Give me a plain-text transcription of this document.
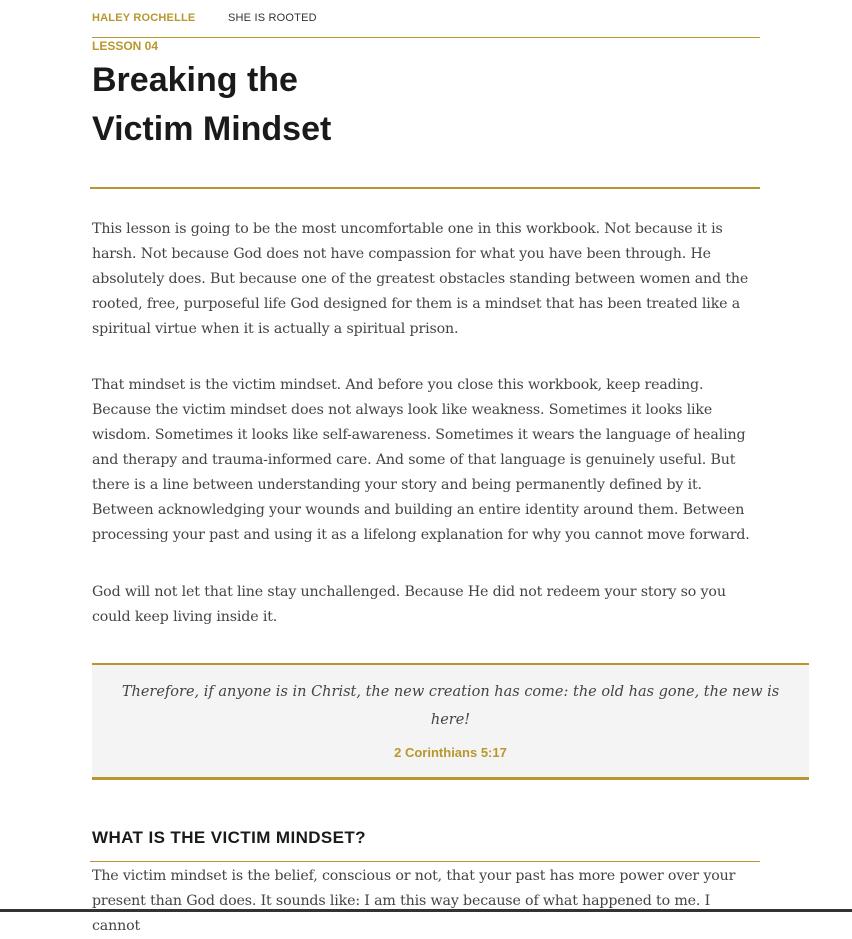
HALEY ROCHELLE	SHE IS ROOTED
LESSON 04
Breaking the
Victim Mindset

This lesson is going to be the most uncomfortable one in this workbook. Not because it is harsh. Not because God does not have compassion for what you have been through. He absolutely does. But because one of the greatest obstacles standing between women and the rooted, free, purposeful life God designed for them is a mindset that has been treated like a spiritual virtue when it is actually a spiritual prison.

That mindset is the victim mindset. And before you close this workbook, keep reading. Because the victim mindset does not always look like weakness. Sometimes it looks like wisdom. Sometimes it looks like self-awareness. Sometimes it wears the language of healing and therapy and trauma-informed care. And some of that language is genuinely useful. But there is a line between understanding your story and being permanently defined by it. Between acknowledging your wounds and building an entire identity around them. Between processing your past and using it as a lifelong explanation for why you cannot move forward.

God will not let that line stay unchallenged. Because He did not redeem your story so you could keep living inside it.

Therefore, if anyone is in Christ, the new creation has come: the old has gone, the new is here!

2 Corinthians 5:17
WHAT IS THE VICTIM MINDSET?

The victim mindset is the belief, conscious or not, that your past has more power over your present than God does. It sounds like: I am this way because of what happened to me. I cannot
